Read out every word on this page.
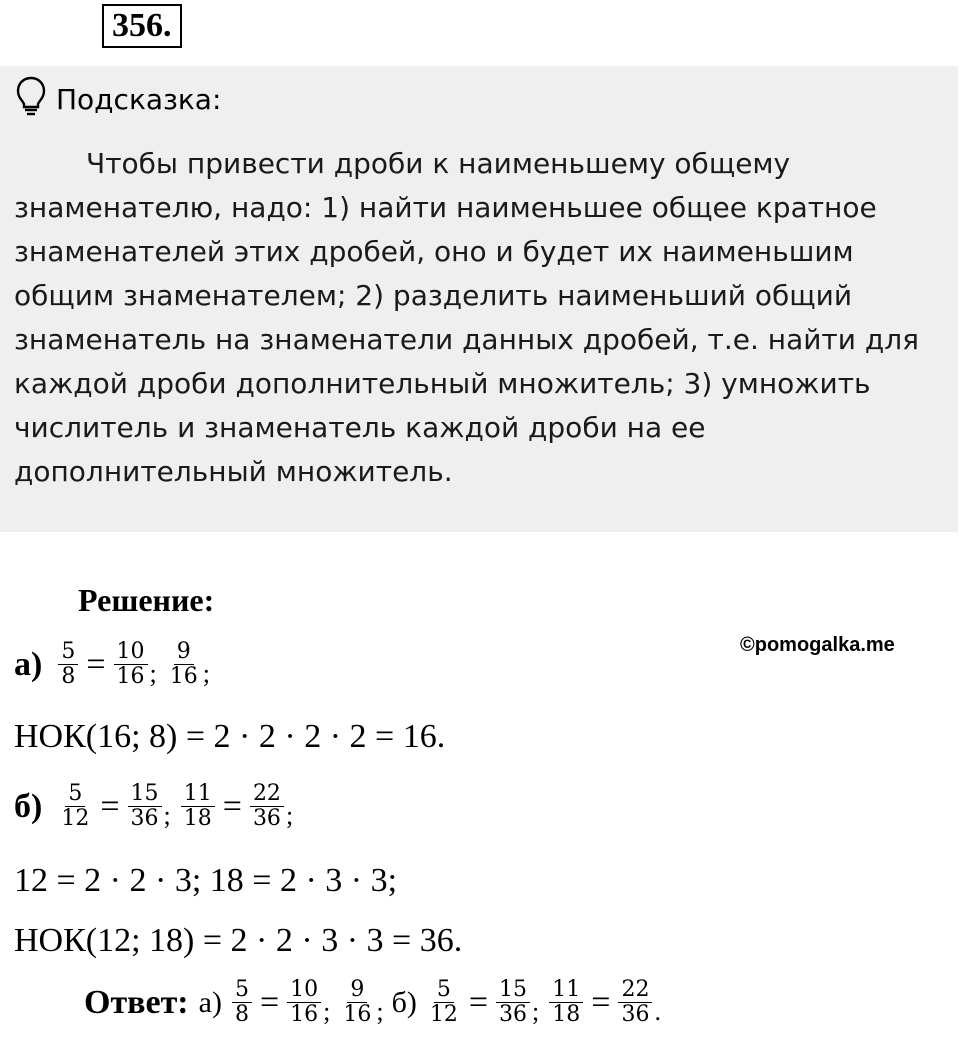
356.
Подсказка:
Чтобы привести дроби к наименьшему общему знаменателю, надо: 1) найти наименьшее общее кратное знаменателей этих дробей, оно и будет их наименьшим общим знаменателем; 2) разделить наименьший общий знаменатель на знаменатели данных дробей, т.е. найти для каждой дроби дополнительный множитель; 3) умножить числитель и знаменатель каждой дроби на ее дополнительный множитель.
Решение:
©pomogalka.me
$а) \frac{5}{8} = \frac{10}{16}$ ; $\frac{9}{16}$ ;
НОК(16; 8) = 2 · 2 · 2 · 2 = 16.
$б) \frac{5}{12} = \frac{15}{36}$ ; $\frac{11}{18} = \frac{22}{36}$ ;
12 = 2 · 2 · 3; 18 = 2 · 3 · 3;
НОК(12; 18) = 2 · 2 · 3 · 3 = 36.
Ответ: $а) \frac{5}{8} = \frac{10}{16}$ ; $\frac{9}{16}$ ; $б) \frac{5}{12} = \frac{15}{36}$ ; $\frac{11}{18} = \frac{22}{36}$ .
